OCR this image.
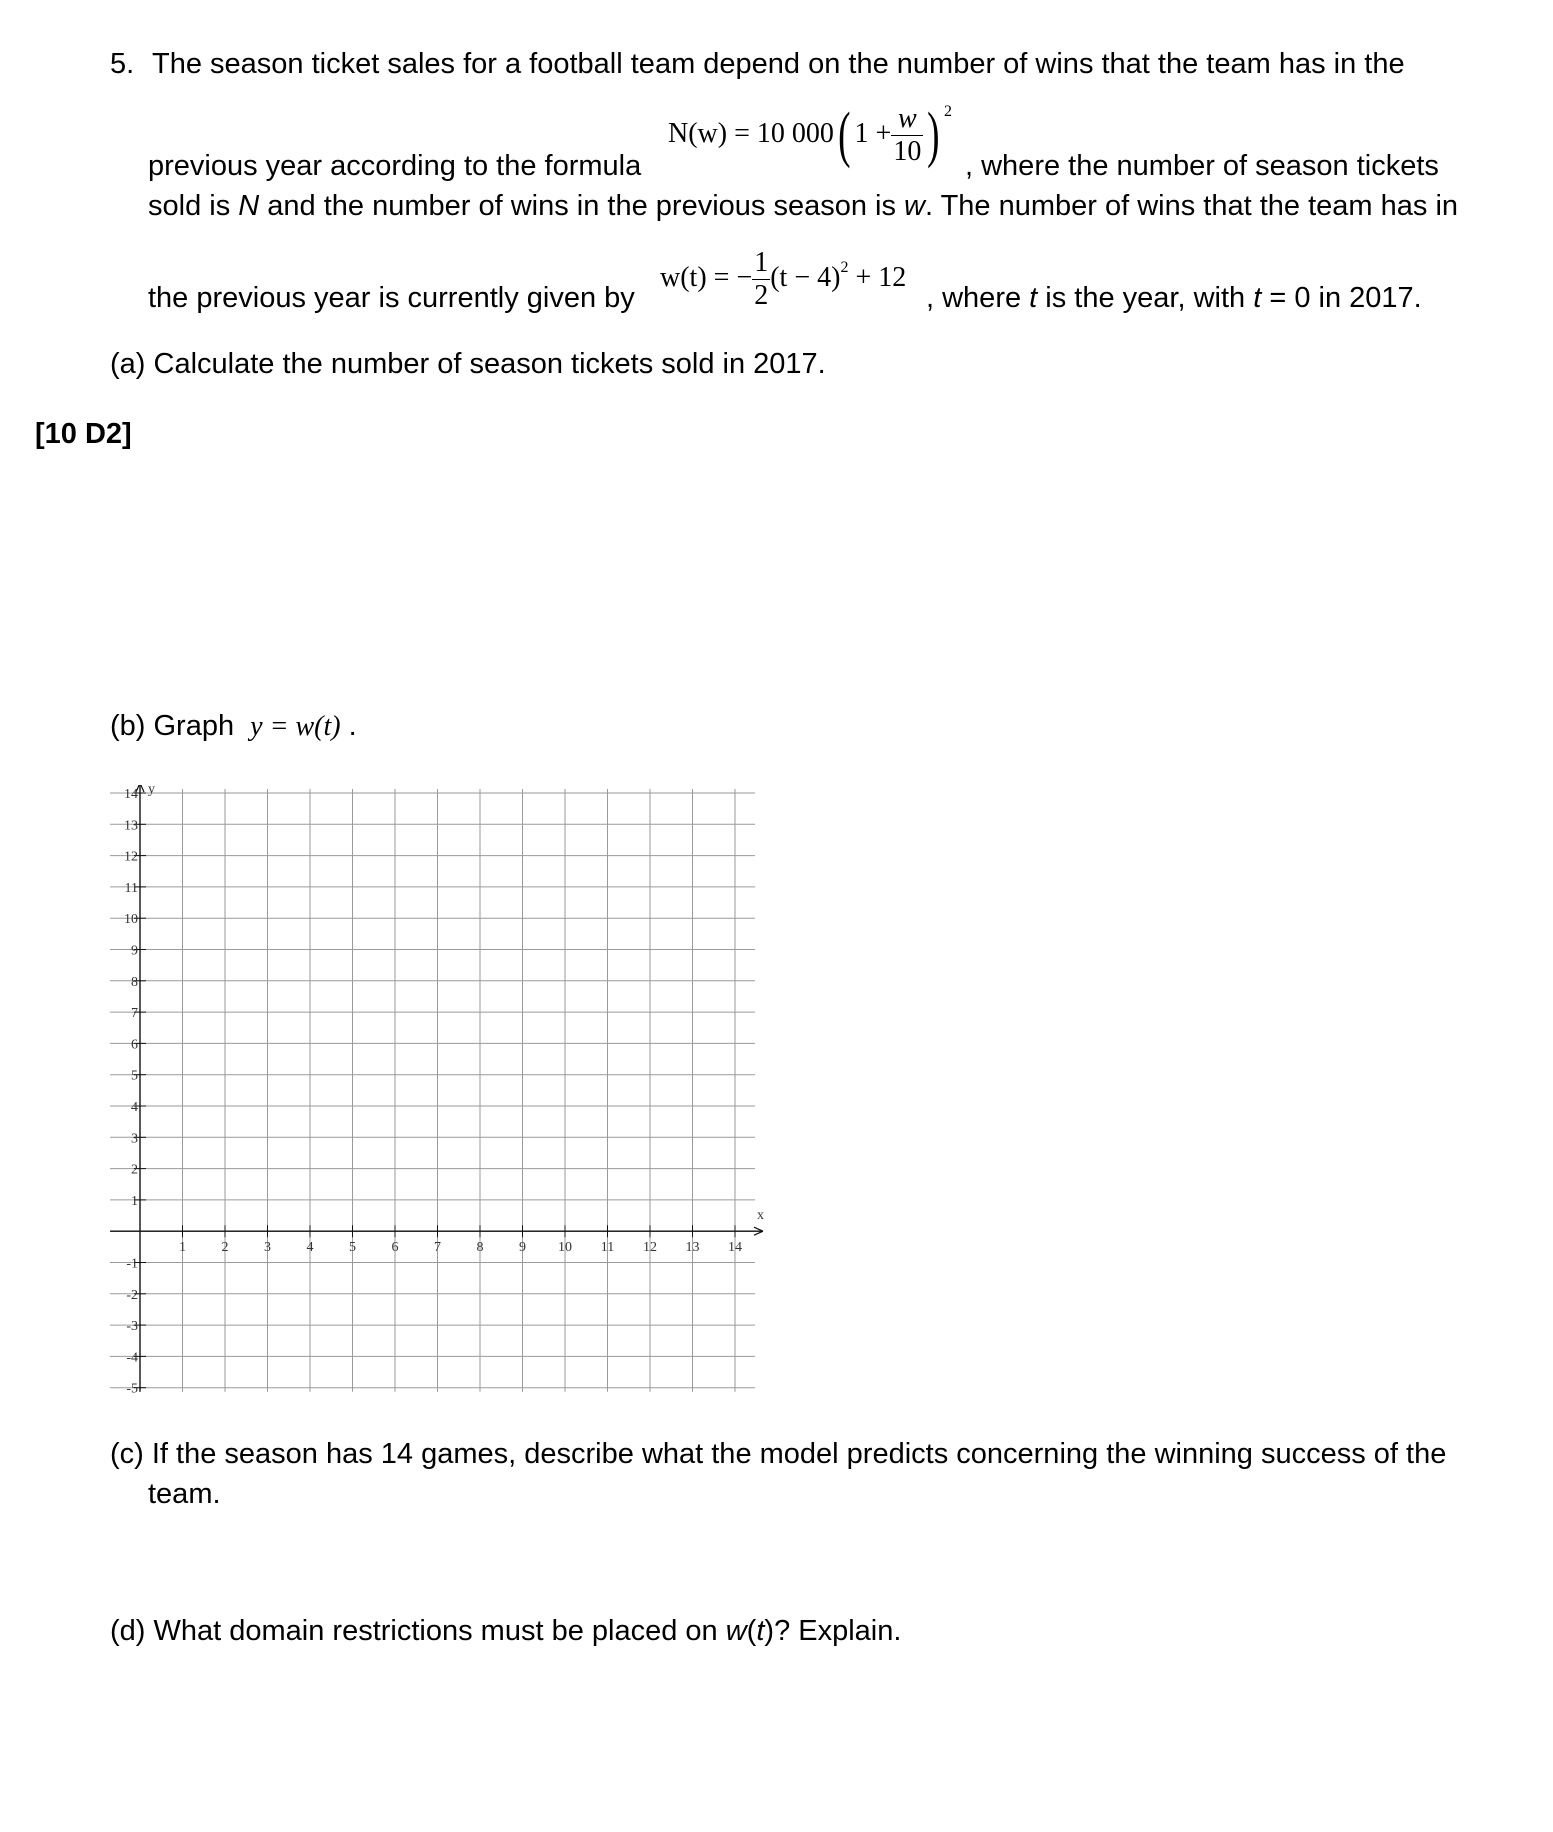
5. The season ticket sales for a football team depend on the number of wins that the team has in the
N(w) = 10 000( $1 + \frac{w}{10}$ ) $^2$
previous year according to the formula	, where the number of season tickets
sold is N and the number of wins in the previous season is w. The number of wins that the team has in
the previous year is currently given by
w(t) = − $\frac{1}{2} (t - 4)^2 + 12$
, where t is the year, with t = 0 in 2017.
(a) Calculate the number of season tickets sold in 2017.
[10 D2]
(b) Graph y = w(t) .
x
y
1	2	3	4	5	6	7	8	9 10 11 12 13 14
14
13
12
11
10
9
8
7
6
5
4
3
2
1
-1
-2
-3
-4
-5
(c) If the season has 14 games, describe what the model predicts concerning the winning success of the
team.
(d) What domain restrictions must be placed on w(t)? Explain.
